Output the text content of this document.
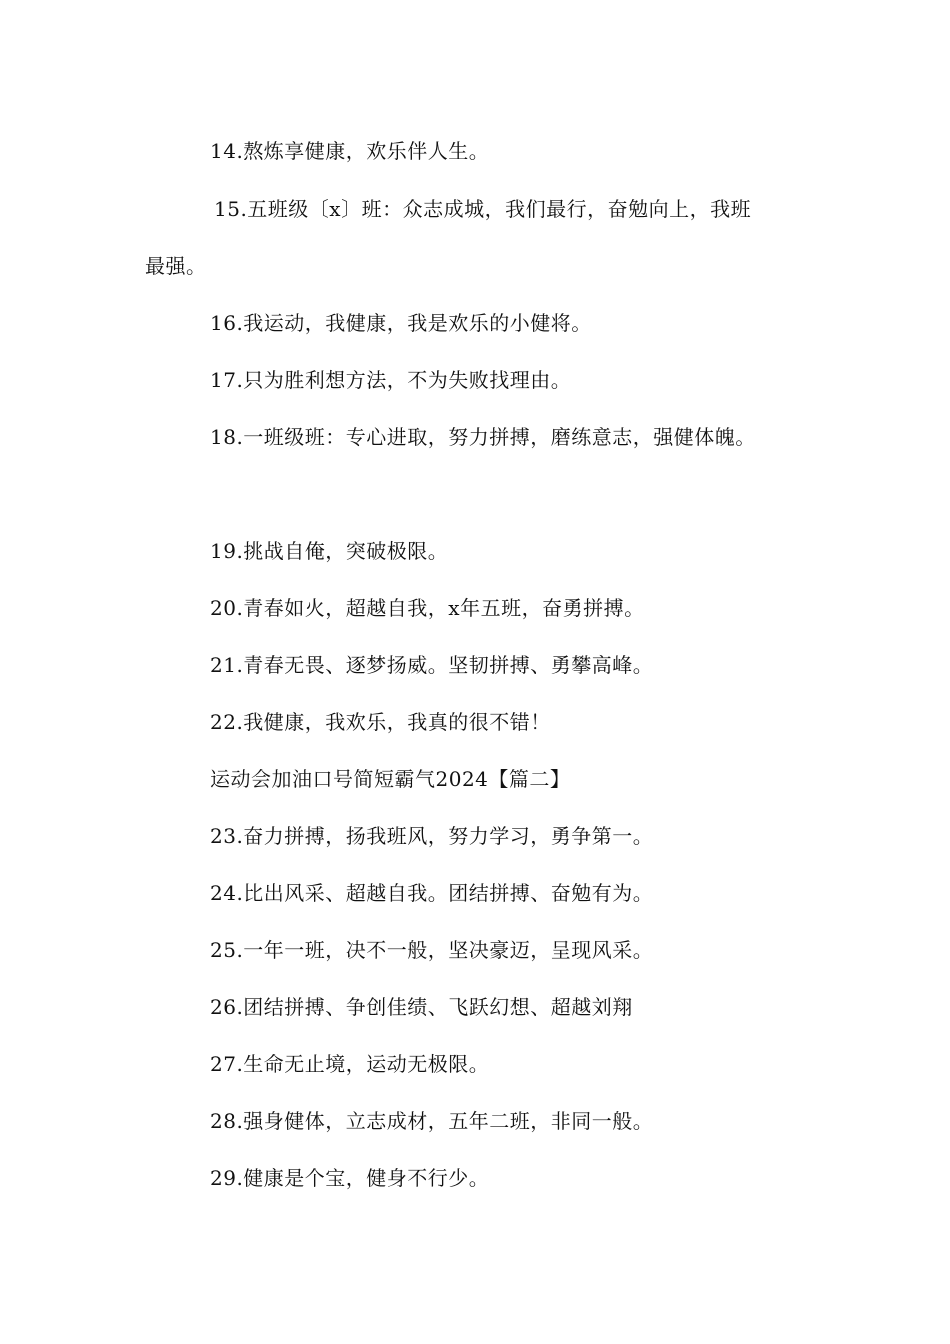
14.熬炼享健康，欢乐伴人生。
15.五班级〔x〕班：众志成城，我们最行，奋勉向上，我班
最强。
16.我运动，我健康，我是欢乐的小健将。
17.只为胜利想方法，不为失败找理由。
18.一班级班：专心进取，努力拼搏，磨练意志，强健体魄。
19.挑战自俺，突破极限。
20.青春如火，超越自我，x年五班，奋勇拼搏。
21.青春无畏、逐梦扬威。坚韧拼搏、勇攀高峰。
22.我健康，我欢乐，我真的很不错！
运动会加油口号简短霸气2024【篇二】
23.奋力拼搏，扬我班风，努力学习，勇争第一。
24.比出风采、超越自我。团结拼搏、奋勉有为。
25.一年一班，决不一般，坚决豪迈，呈现风采。
26.团结拼搏、争创佳绩、飞跃幻想、超越刘翔
27.生命无止境，运动无极限。
28.强身健体，立志成材，五年二班，非同一般。
29.健康是个宝，健身不行少。
